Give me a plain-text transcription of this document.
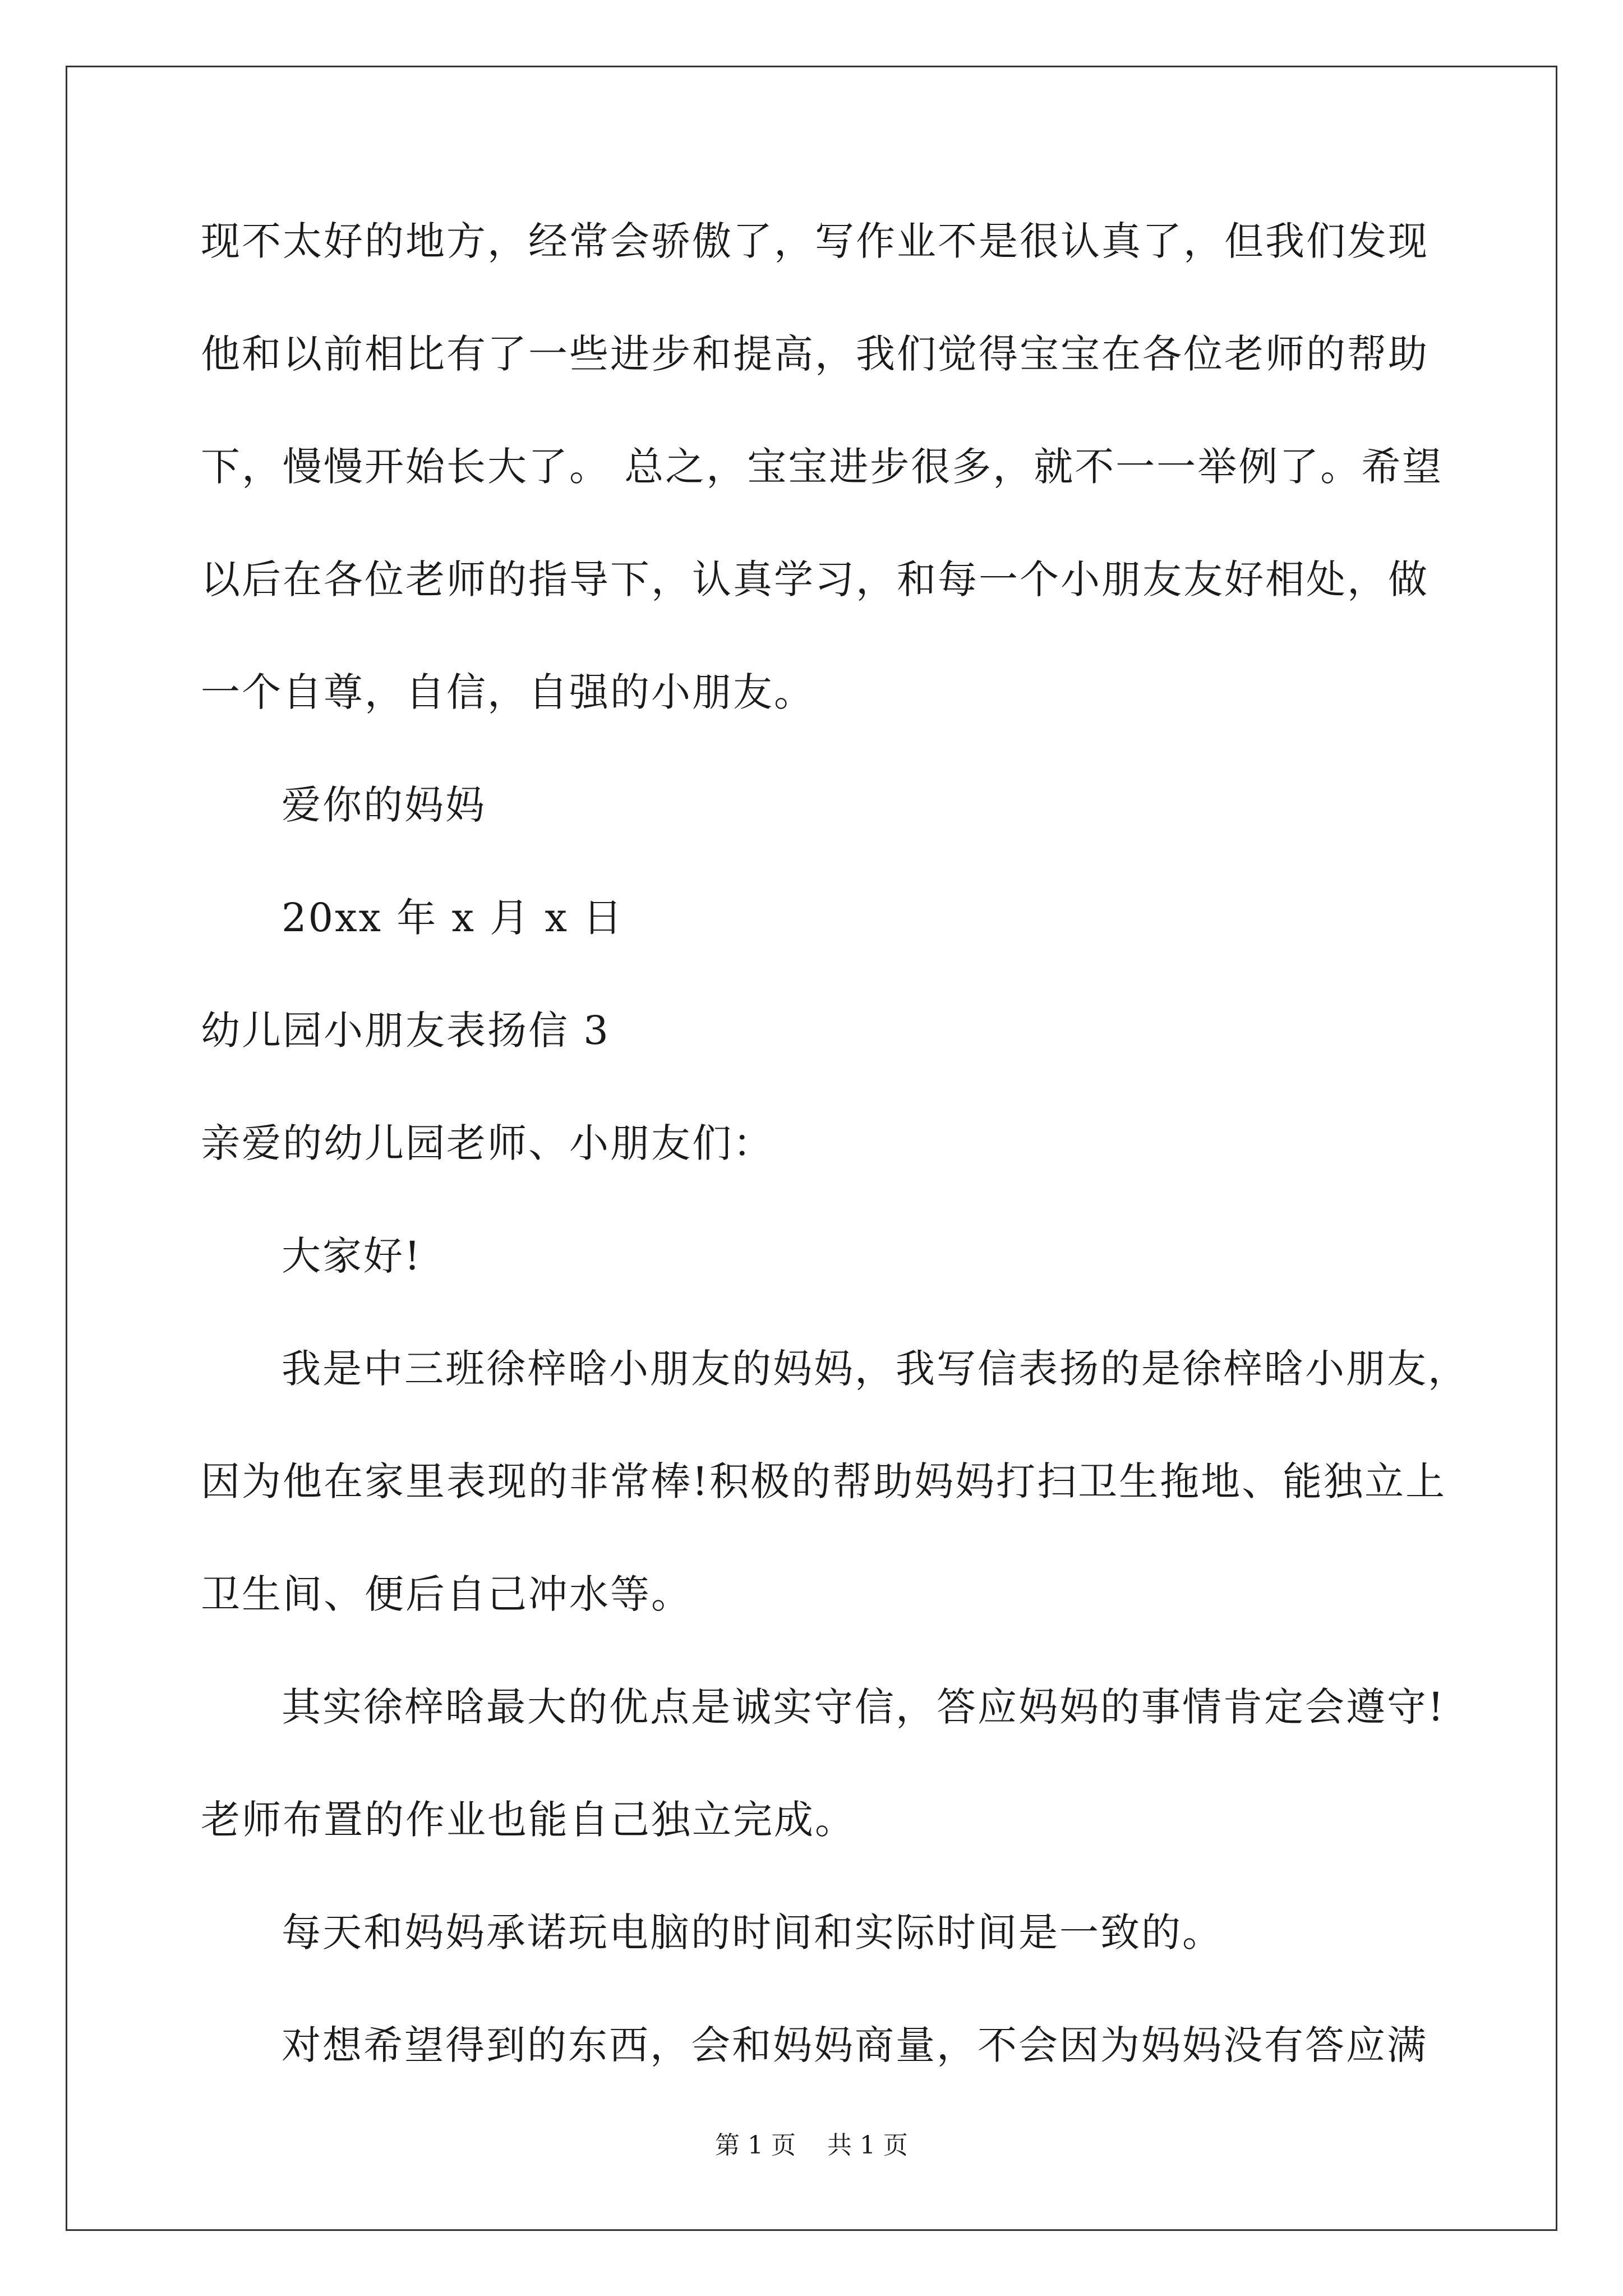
现不太好的地方，经常会骄傲了，写作业不是很认真了，但我们发现

他和以前相比有了一些进步和提高，我们觉得宝宝在各位老师的帮助

下，慢慢开始长大了。 总之，宝宝进步很多，就不一一举例了。希望

以后在各位老师的指导下，认真学习，和每一个小朋友友好相处，做

一个自尊，自信，自强的小朋友。

爱你的妈妈

20xx 年 x 月 x 日

幼儿园小朋友表扬信 3

亲爱的幼儿园老师、小朋友们：

大家好!

我是中三班徐梓晗小朋友的妈妈，我写信表扬的是徐梓晗小朋友，

因为他在家里表现的非常棒!积极的帮助妈妈打扫卫生拖地、能独立上

卫生间、便后自己冲水等。

其实徐梓晗最大的优点是诚实守信，答应妈妈的事情肯定会遵守!

老师布置的作业也能自己独立完成。

每天和妈妈承诺玩电脑的时间和实际时间是一致的。

对想希望得到的东西，会和妈妈商量，不会因为妈妈没有答应满

第 1 页 共 1 页
